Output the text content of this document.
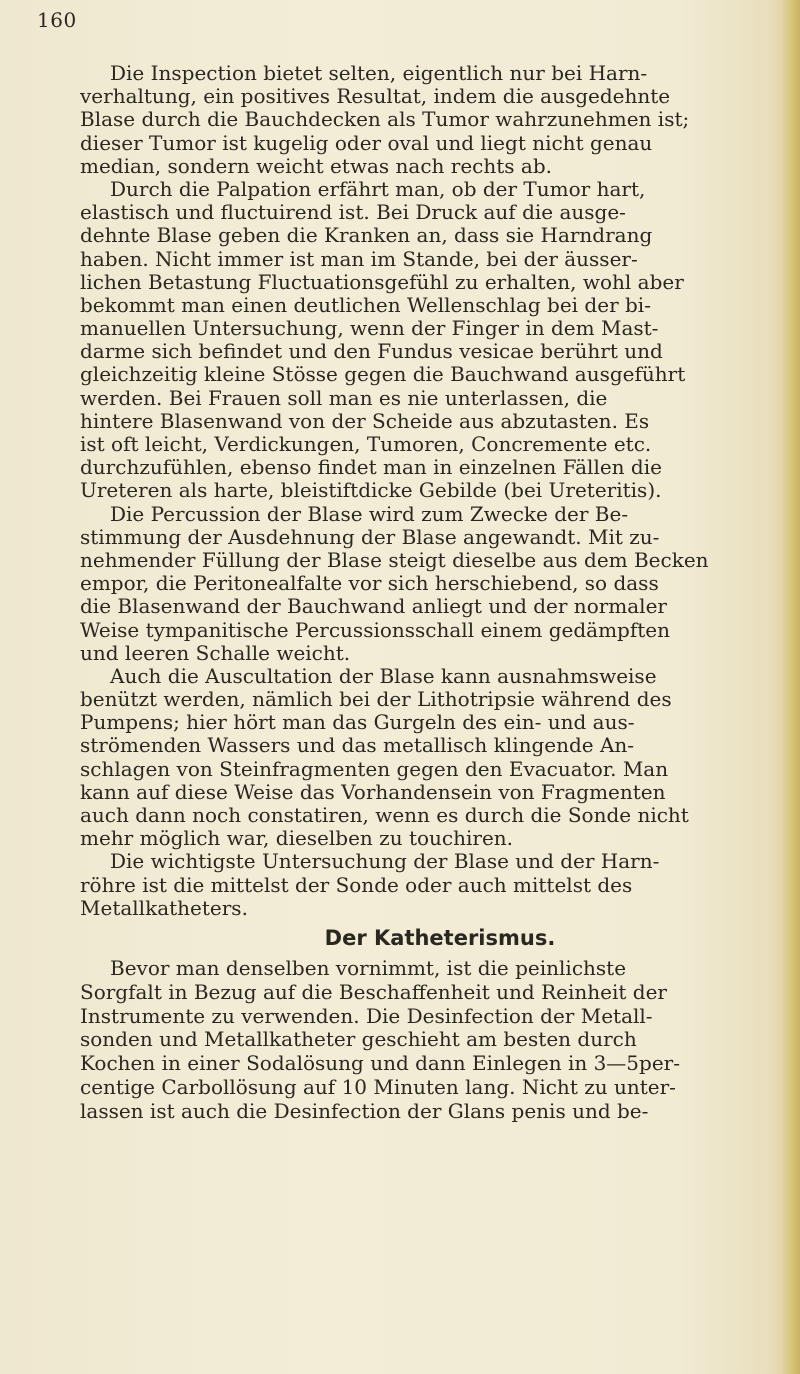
160
Die Inspection bietet selten, eigentlich nur bei Harn-
verhaltung, ein positives Resultat, indem die ausgedehnte
Blase durch die Bauchdecken als Tumor wahrzunehmen ist;
dieser Tumor ist kugelig oder oval und liegt nicht genau
median, sondern weicht etwas nach rechts ab.
Durch die Palpation erfährt man, ob der Tumor hart,
elastisch und fluctuirend ist. Bei Druck auf die ausge-
dehnte Blase geben die Kranken an, dass sie Harndrang
haben. Nicht immer ist man im Stande, bei der äusser-
lichen Betastung Fluctuationsgefühl zu erhalten, wohl aber
bekommt man einen deutlichen Wellenschlag bei der bi-
manuellen Untersuchung, wenn der Finger in dem Mast-
darme sich befindet und den Fundus vesicae berührt und
gleichzeitig kleine Stösse gegen die Bauchwand ausgeführt
werden. Bei Frauen soll man es nie unterlassen, die
hintere Blasenwand von der Scheide aus abzutasten. Es
ist oft leicht, Verdickungen, Tumoren, Concremente etc.
durchzufühlen, ebenso findet man in einzelnen Fällen die
Ureteren als harte, bleistiftdicke Gebilde (bei Ureteritis).
Die Percussion der Blase wird zum Zwecke der Be-
stimmung der Ausdehnung der Blase angewandt. Mit zu-
nehmender Füllung der Blase steigt dieselbe aus dem Becken
empor, die Peritonealfalte vor sich herschiebend, so dass
die Blasenwand der Bauchwand anliegt und der normaler
Weise tympanitische Percussionsschall einem gedämpften
und leeren Schalle weicht.
Auch die Auscultation der Blase kann ausnahmsweise
benützt werden, nämlich bei der Lithotripsie während des
Pumpens; hier hört man das Gurgeln des ein- und aus-
strömenden Wassers und das metallisch klingende An-
schlagen von Steinfragmenten gegen den Evacuator. Man
kann auf diese Weise das Vorhandensein von Fragmenten
auch dann noch constatiren, wenn es durch die Sonde nicht
mehr möglich war, dieselben zu touchiren.
Die wichtigste Untersuchung der Blase und der Harn-
röhre ist die mittelst der Sonde oder auch mittelst des
Metallkatheters.
Der Katheterismus.
Bevor man denselben vornimmt, ist die peinlichste
Sorgfalt in Bezug auf die Beschaffenheit und Reinheit der
Instrumente zu verwenden. Die Desinfection der Metall-
sonden und Metallkatheter geschieht am besten durch
Kochen in einer Sodalösung und dann Einlegen in 3—5per-
centige Carbollösung auf 10 Minuten lang. Nicht zu unter-
lassen ist auch die Desinfection der Glans penis und be-
